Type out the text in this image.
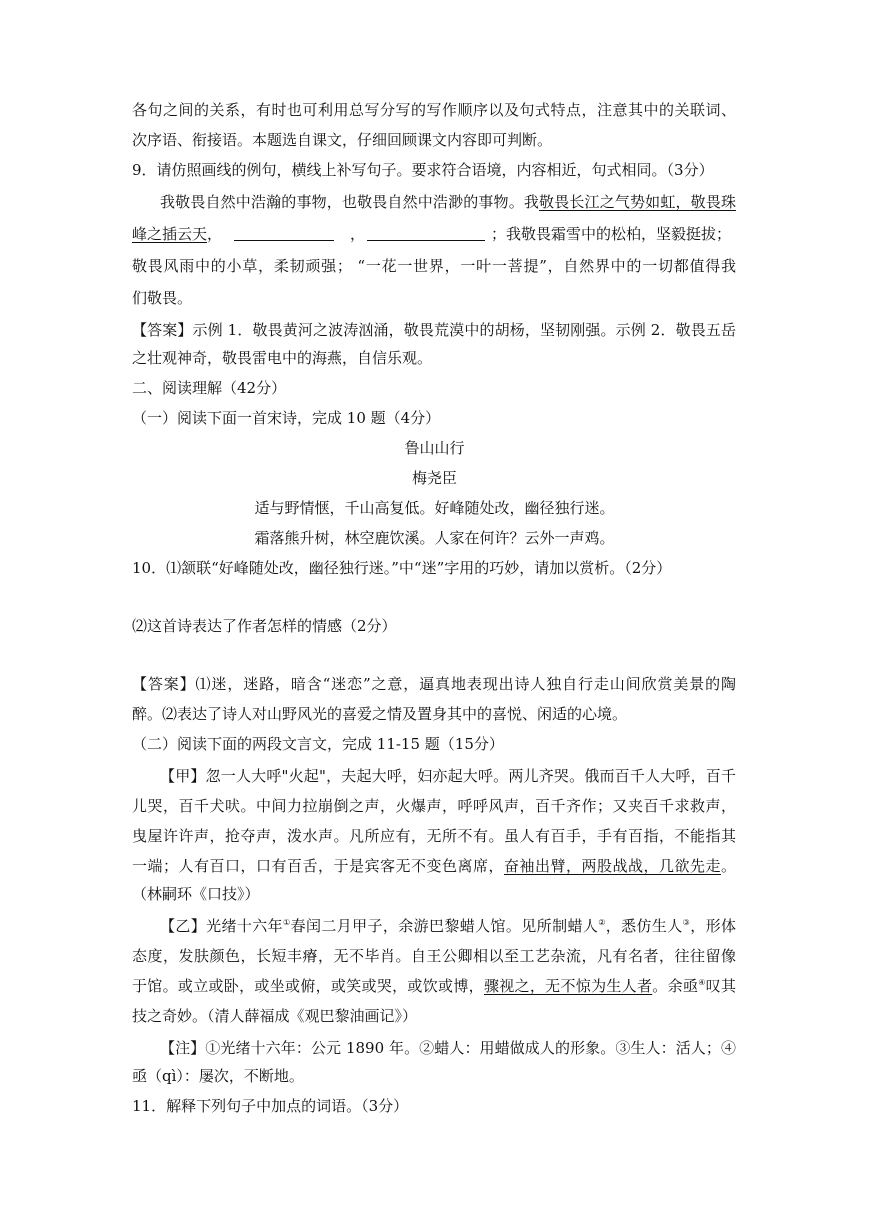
各句之间的关系，有时也可利用总写分写的写作顺序以及句式特点，注意其中的关联词、
次序语、衔接语。本题选自课文，仔细回顾课文内容即可判断。
9．请仿照画线的例句，横线上补写句子。要求符合语境，内容相近，句式相同。（3分）
我敬畏自然中浩瀚的事物，也敬畏自然中浩渺的事物。我敬畏长江之气势如虹，敬畏珠
峰之插云天，	，	；我敬畏霜雪中的松柏，坚毅挺拔；
敬畏风雨中的小草，柔韧顽强； “一花一世界，一叶一菩提”，自然界中的一切都值得我
们敬畏。
【答案】示例 1．敬畏黄河之波涛汹涌，敬畏荒漠中的胡杨，坚韧刚强。示例 2．敬畏五岳
之壮观神奇，敬畏雷电中的海燕，自信乐观。
二、阅读理解（42分）
（一）阅读下面一首宋诗，完成 10 题（4分）
鲁山山行
梅尧臣
适与野情惬，千山高复低。好峰随处改，幽径独行迷。
霜落熊升树，林空鹿饮溪。人家在何许？云外一声鸡。
10．⑴颔联“好峰随处改，幽径独行迷。”中“迷”字用的巧妙，请加以赏析。（2分）
⑵这首诗表达了作者怎样的情感（2分）
【答案】⑴迷，迷路，暗含“迷恋”之意，逼真地表现出诗人独自行走山间欣赏美景的陶
醉。⑵表达了诗人对山野风光的喜爱之情及置身其中的喜悦、闲适的心境。
（二）阅读下面的两段文言文，完成 11-15 题（15分）
【甲】忽一人大呼"火起"，夫起大呼，妇亦起大呼。两儿齐哭。俄而百千人大呼，百千
儿哭，百千犬吠。中间力拉崩倒之声，火爆声，呼呼风声，百千齐作；又夹百千求救声，
曳屋许许声，抢夺声，泼水声。凡所应有，无所不有。虽人有百手，手有百指，不能指其
一端；人有百口，口有百舌，于是宾客无不变色离席，奋袖出臂，两股战战，几欲先走。
（林嗣环《口技》）
【乙】光绪十六年①春闰二月甲子，余游巴黎蜡人馆。见所制蜡人②，悉仿生人③，形体
态度，发肤颜色，长短丰瘠，无不毕肖。自王公卿相以至工艺杂流，凡有名者，往往留像
于馆。或立或卧，或坐或俯，或笑或哭，或饮或博，骤视之，无不惊为生人者。余亟④叹其
技之奇妙。（清人薛福成《观巴黎油画记》）
【注】①光绪十六年：公元 1890 年。②蜡人：用蜡做成人的形象。③生人：活人；④
亟（qì）：屡次，不断地。
11．解释下列句子中加点的词语。（3分）
